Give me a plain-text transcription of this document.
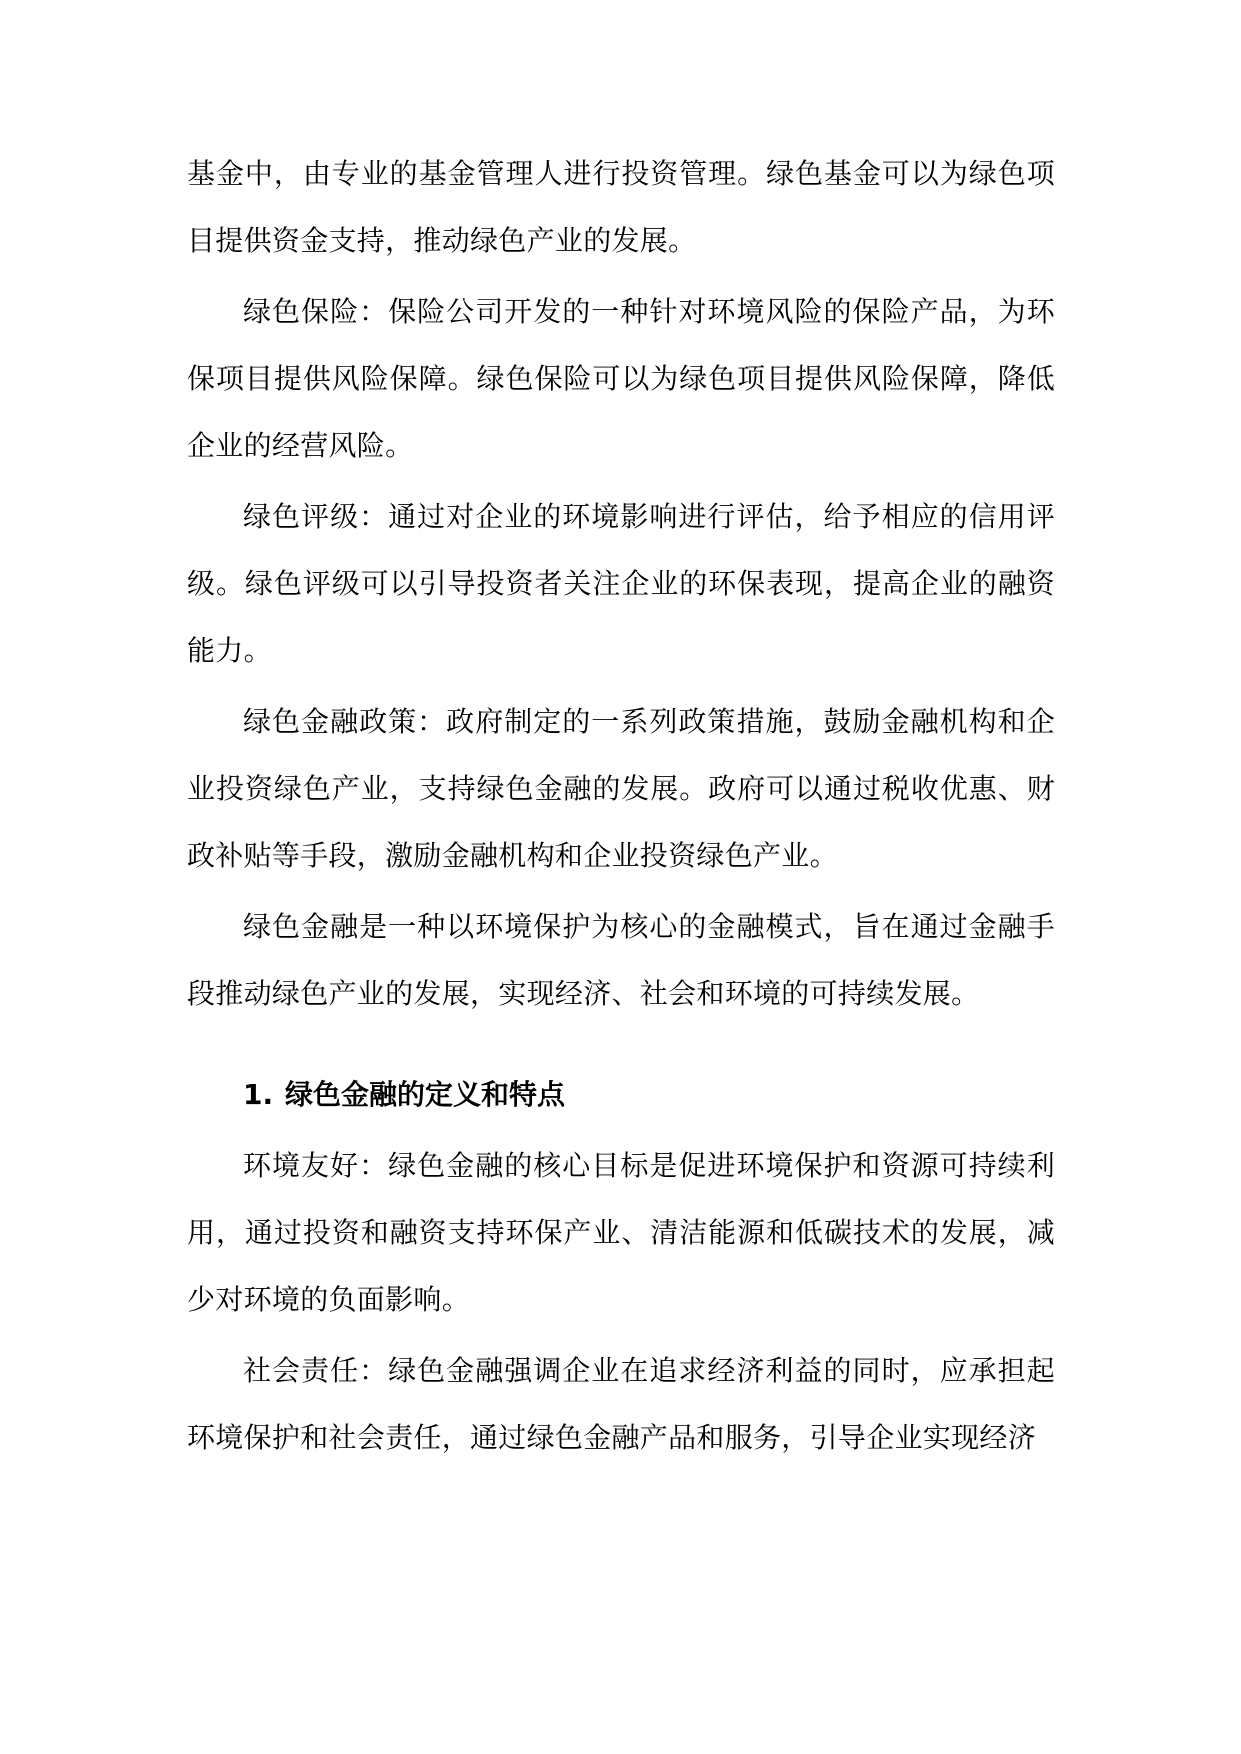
基金中，由专业的基金管理人进行投资管理。绿色基金可以为绿色项目提供资金支持，推动绿色产业的发展。

绿色保险：保险公司开发的一种针对环境风险的保险产品，为环保项目提供风险保障。绿色保险可以为绿色项目提供风险保障，降低企业的经营风险。

绿色评级：通过对企业的环境影响进行评估，给予相应的信用评级。绿色评级可以引导投资者关注企业的环保表现，提高企业的融资能力。

绿色金融政策：政府制定的一系列政策措施，鼓励金融机构和企业投资绿色产业，支持绿色金融的发展。政府可以通过税收优惠、财政补贴等手段，激励金融机构和企业投资绿色产业。

绿色金融是一种以环境保护为核心的金融模式，旨在通过金融手段推动绿色产业的发展，实现经济、社会和环境的可持续发展。

1. 绿色金融的定义和特点

环境友好：绿色金融的核心目标是促进环境保护和资源可持续利用，通过投资和融资支持环保产业、清洁能源和低碳技术的发展，减少对环境的负面影响。

社会责任：绿色金融强调企业在追求经济利益的同时，应承担起环境保护和社会责任，通过绿色金融产品和服务，引导企业实现经济
